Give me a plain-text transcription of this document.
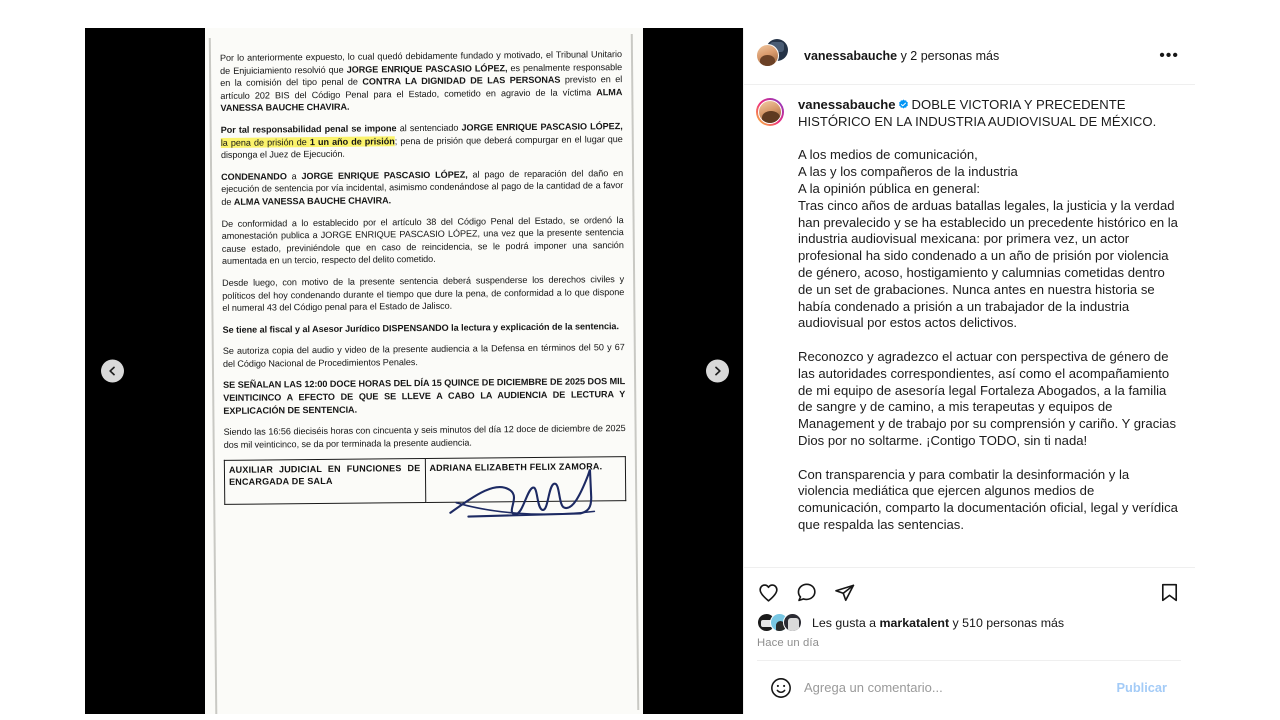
Por lo anteriormente expuesto, lo cual quedó debidamente fundado y motivado, el Tribunal Unitario de Enjuiciamiento resolvió que JORGE ENRIQUE PASCASIO LÓPEZ, es penalmente responsable en la comisión del tipo penal de CONTRA LA DIGNIDAD DE LAS PERSONAS previsto en el artículo 202 BIS del Código Penal para el Estado, cometido en agravio de la víctima ALMA VANESSA BAUCHE CHAVIRA.

Por tal responsabilidad penal se impone al sentenciado JORGE ENRIQUE PASCASIO LÓPEZ, la pena de prisión de 1 un año de prisión; pena de prisión que deberá compurgar en el lugar que disponga el Juez de Ejecución.

CONDENANDO a JORGE ENRIQUE PASCASIO LÓPEZ, al pago de reparación del daño en ejecución de sentencia por vía incidental, asimismo condenándose al pago de la cantidad de a favor de ALMA VANESSA BAUCHE CHAVIRA.

De conformidad a lo establecido por el artículo 38 del Código Penal del Estado, se ordenó la amonestación publica a JORGE ENRIQUE PASCASIO LÓPEZ, una vez que la presente sentencia cause estado, previniéndole que en caso de reincidencia, se le podrá imponer una sanción aumentada en un tercio, respecto del delito cometido.

Desde luego, con motivo de la presente sentencia deberá suspenderse los derechos civiles y políticos del hoy condenando durante el tiempo que dure la pena, de conformidad a lo que dispone el numeral 43 del Código penal para el Estado de Jalisco.

Se tiene al fiscal y al Asesor Jurídico DISPENSANDO la lectura y explicación de la sentencia.

Se autoriza copia del audio y video de la presente audiencia a la Defensa en términos del 50 y 67 del Código Nacional de Procedimientos Penales.

SE SEÑALAN LAS 12:00 DOCE HORAS DEL DÍA 15 QUINCE DE DICIEMBRE DE 2025 DOS MIL VEINTICINCO A EFECTO DE QUE SE LLEVE A CABO LA AUDIENCIA DE LECTURA Y EXPLICACIÓN DE SENTENCIA.

Siendo las 16:56 dieciséis horas con cincuenta y seis minutos del día 12 doce de diciembre de 2025 dos mil veinticinco, se da por terminada la presente audiencia.

AUXILIAR JUDICIAL EN FUNCIONES DE ENCARGADA DE SALA	ADRIANA ELIZABETH FELIX ZAMORA.
vanessabauche y 2 personas más	•••
vanessabauche DOBLE VICTORIA Y PRECEDENTE HISTÓRICO EN LA INDUSTRIA AUDIOVISUAL DE MÉXICO.
A los medios de comunicación,
A las y los compañeros de la industria
A la opinión pública en general:
Tras cinco años de arduas batallas legales, la justicia y la verdad han prevalecido y se ha establecido un precedente histórico en la industria audiovisual mexicana: por primera vez, un actor profesional ha sido condenado a un año de prisión por violencia de género, acoso, hostigamiento y calumnias cometidas dentro de un set de grabaciones. Nunca antes en nuestra historia se había condenado a prisión a un trabajador de la industria audiovisual por estos actos delictivos.
Reconozco y agradezco el actuar con perspectiva de género de las autoridades correspondientes, así como el acompañamiento de mi equipo de asesoría legal Fortaleza Abogados, a la familia de sangre y de camino, a mis terapeutas y equipos de Management y de trabajo por su comprensión y cariño. Y gracias Dios por no soltarme. ¡Contigo TODO, sin ti nada!
Con transparencia y para combatir la desinformación y la violencia mediática que ejercen algunos medios de comunicación, comparto la documentación oficial, legal y verídica que respalda las sentencias.
Les gusta a markatalent y 510 personas más
Hace un día
Agrega un comentario...
Publicar
